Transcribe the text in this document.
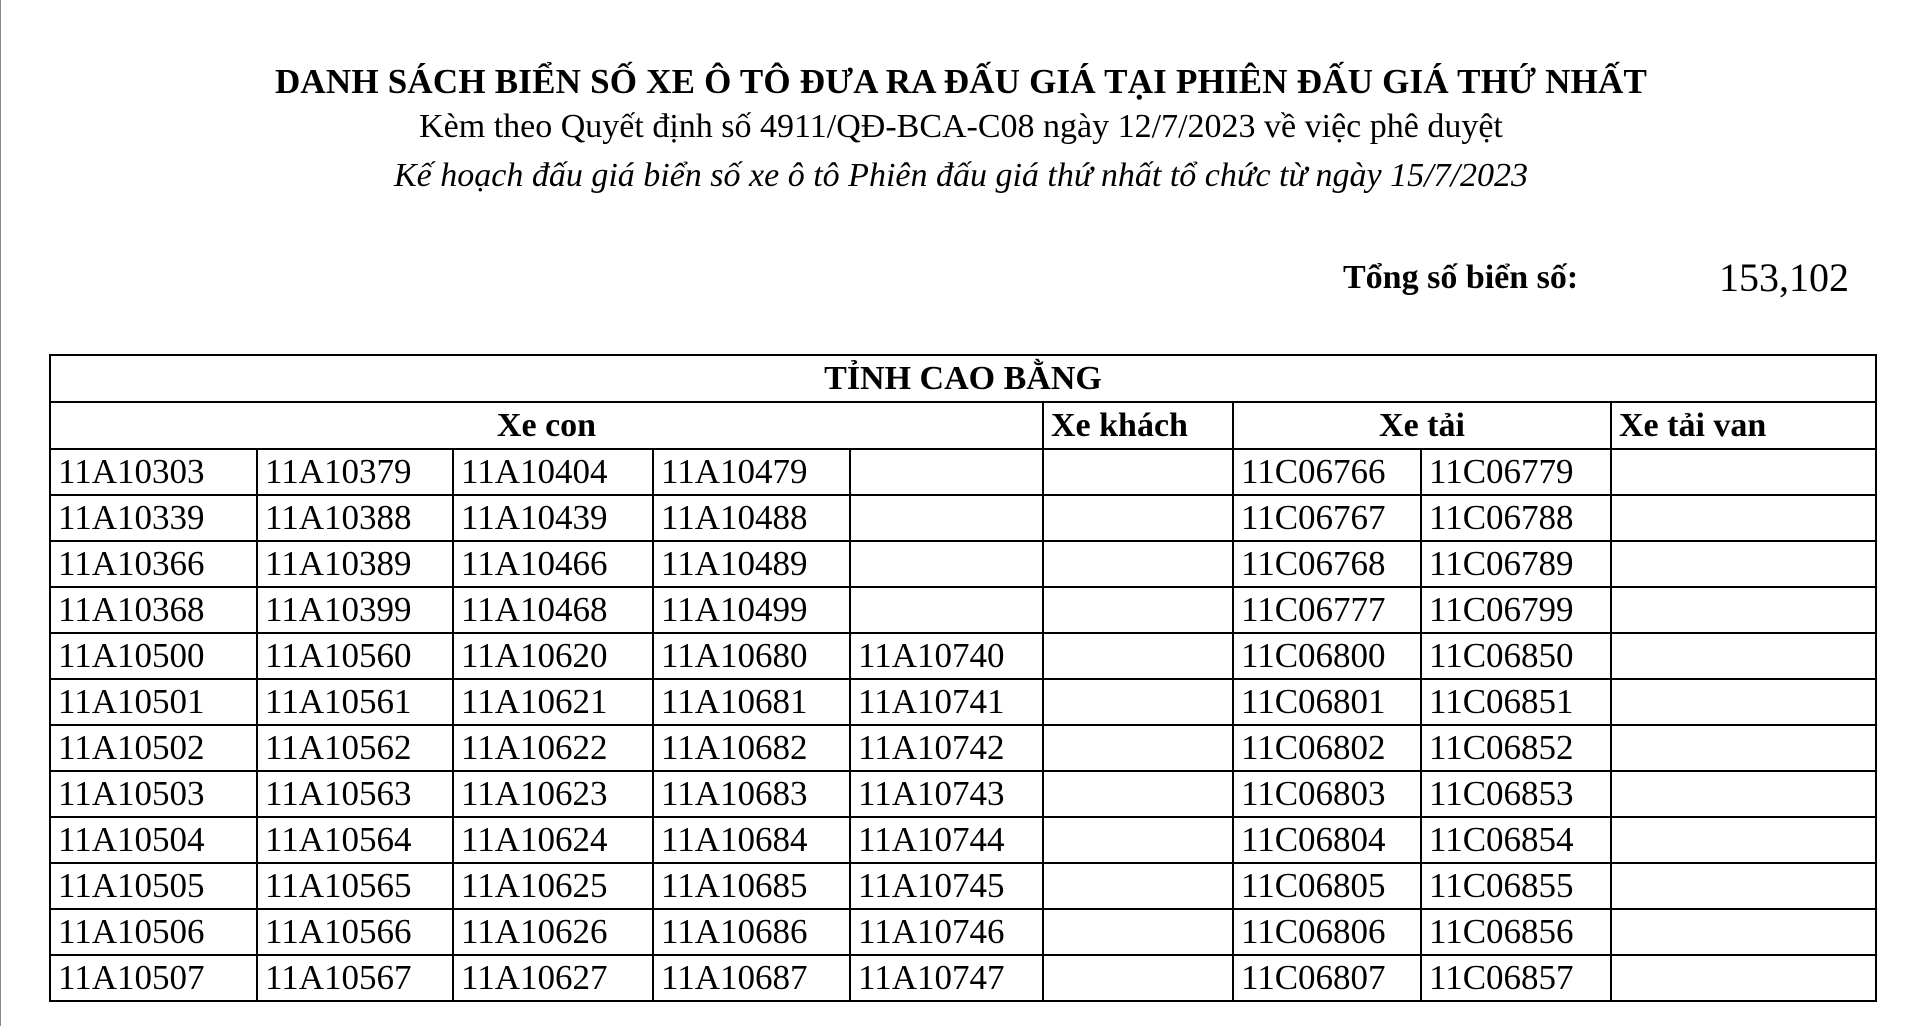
DANH SÁCH BIỂN SỐ XE Ô TÔ ĐƯA RA ĐẤU GIÁ TẠI PHIÊN ĐẤU GIÁ THỨ NHẤT
Kèm theo Quyết định số 4911/QĐ-BCA-C08 ngày 12/7/2023 về việc phê duyệt
Kế hoạch đấu giá biển số xe ô tô Phiên đấu giá thứ nhất tổ chức từ ngày 15/7/2023
Tổng số biển số:	153,102
TỈNH CAO BẰNG								
Xe con					Xe khách	Xe tải		Xe tải van
11A10303	11A10379	11A10404	11A10479			11C06766	11C06779	
11A10339	11A10388	11A10439	11A10488			11C06767	11C06788	
11A10366	11A10389	11A10466	11A10489			11C06768	11C06789	
11A10368	11A10399	11A10468	11A10499			11C06777	11C06799	
11A10500	11A10560	11A10620	11A10680	11A10740		11C06800	11C06850	
11A10501	11A10561	11A10621	11A10681	11A10741		11C06801	11C06851	
11A10502	11A10562	11A10622	11A10682	11A10742		11C06802	11C06852	
11A10503	11A10563	11A10623	11A10683	11A10743		11C06803	11C06853	
11A10504	11A10564	11A10624	11A10684	11A10744		11C06804	11C06854	
11A10505	11A10565	11A10625	11A10685	11A10745		11C06805	11C06855	
11A10506	11A10566	11A10626	11A10686	11A10746		11C06806	11C06856	
11A10507	11A10567	11A10627	11A10687	11A10747		11C06807	11C06857	
